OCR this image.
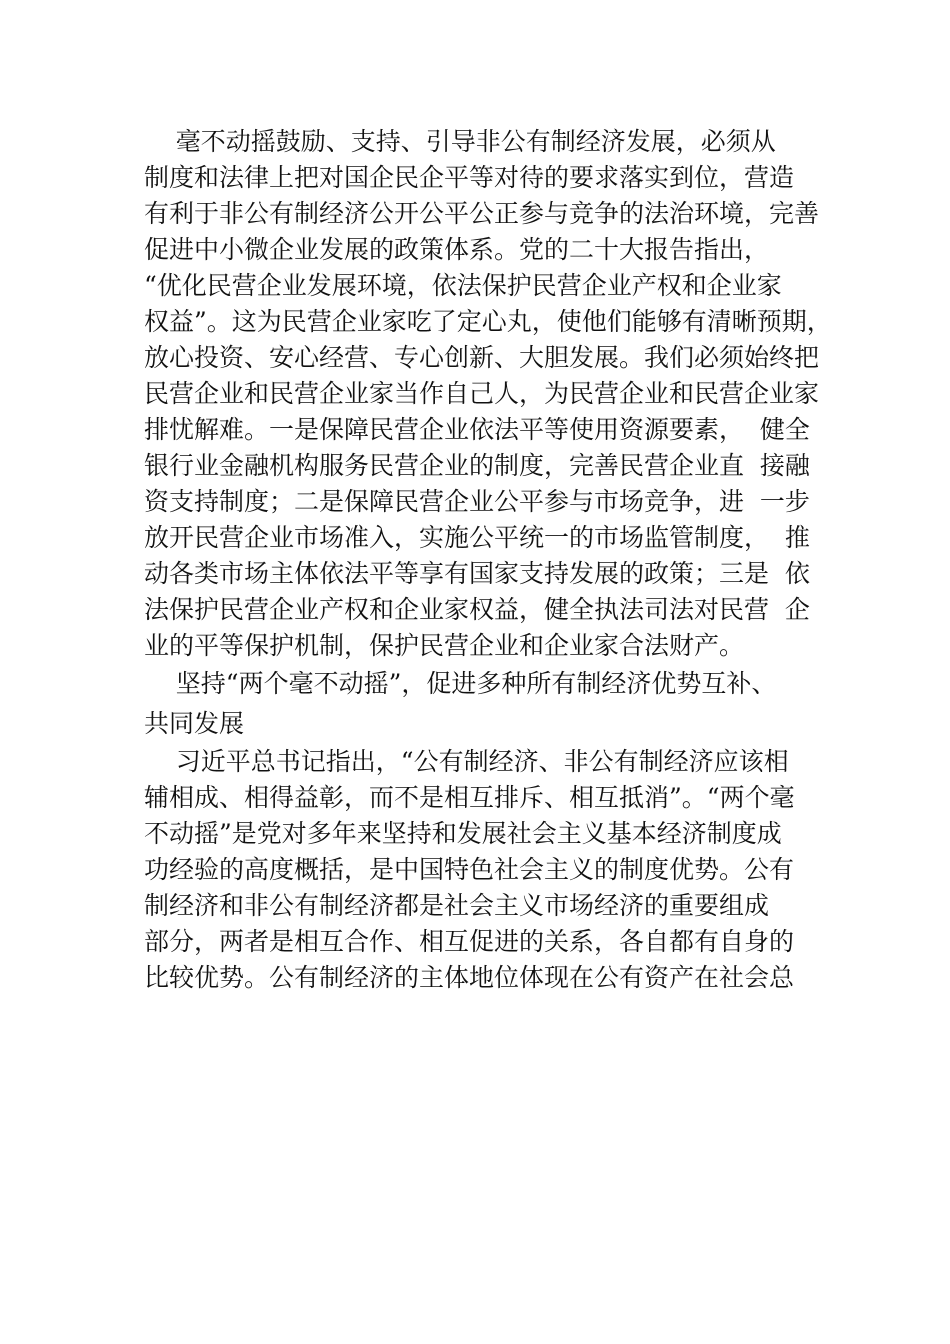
毫不动摇鼓励、支持、引导非公有制经济发展，必须从
制度和法律上把对国企民企平等对待的要求落实到位，营造
有利于非公有制经济公开公平公正参与竞争的法治环境，完善
促进中小微企业发展的政策体系。党的二十大报告指出，
“优化民营企业发展环境，依法保护民营企业产权和企业家
权益”。这为民营企业家吃了定心丸，使他们能够有清晰预期，
放心投资、安心经营、专心创新、大胆发展。我们必须始终把
民营企业和民营企业家当作自己人，为民营企业和民营企业家
排忧解难。一是保障民营企业依法平等使用资源要素，  健全
银行业金融机构服务民营企业的制度，完善民营企业直  接融
资支持制度；二是保障民营企业公平参与市场竞争，进  一步
放开民营企业市场准入，实施公平统一的市场监管制度，  推
动各类市场主体依法平等享有国家支持发展的政策；三是  依
法保护民营企业产权和企业家权益，健全执法司法对民营  企
业的平等保护机制，保护民营企业和企业家合法财产。
坚持“两个毫不动摇”，促进多种所有制经济优势互补、
共同发展
习近平总书记指出，“公有制经济、非公有制经济应该相
辅相成、相得益彰，而不是相互排斥、相互抵消”。“两个毫
不动摇”是党对多年来坚持和发展社会主义基本经济制度成
功经验的高度概括，是中国特色社会主义的制度优势。公有
制经济和非公有制经济都是社会主义市场经济的重要组成
部分，两者是相互合作、相互促进的关系，各自都有自身的
比较优势。公有制经济的主体地位体现在公有资产在社会总
